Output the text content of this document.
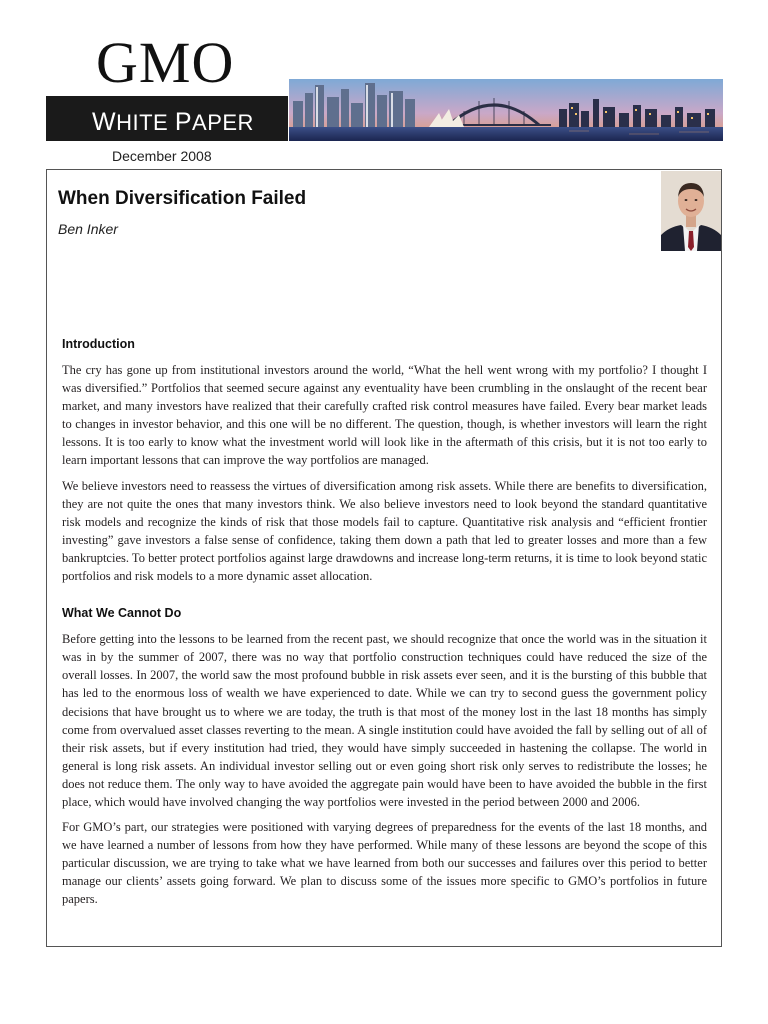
GMO
WHITE PAPER
December 2008
When Diversification Failed
Ben Inker
Introduction

The cry has gone up from institutional investors around the world, “What the hell went wrong with my portfolio? I thought I was diversified.” Portfolios that seemed secure against any eventuality have been crumbling in the onslaught of the recent bear market, and many investors have realized that their carefully crafted risk control measures have failed. Every bear market leads to changes in investor behavior, and this one will be no different. The question, though, is whether investors will learn the right lessons. It is too early to know what the investment world will look like in the aftermath of this crisis, but it is not too early to learn important lessons that can improve the way portfolios are managed.

We believe investors need to reassess the virtues of diversification among risk assets. While there are benefits to diversification, they are not quite the ones that many investors think. We also believe investors need to look beyond the standard quantitative risk models and recognize the kinds of risk that those models fail to capture. Quantitative risk analysis and “efficient frontier investing” gave investors a false sense of confidence, taking them down a path that led to greater losses and more than a few bankruptcies. To better protect portfolios against large drawdowns and increase long-term returns, it is time to look beyond static portfolios and risk models to a more dynamic asset allocation.

What We Cannot Do

Before getting into the lessons to be learned from the recent past, we should recognize that once the world was in the situation it was in by the summer of 2007, there was no way that portfolio construction techniques could have reduced the size of the overall losses. In 2007, the world saw the most profound bubble in risk assets ever seen, and it is the bursting of this bubble that has led to the enormous loss of wealth we have experienced to date. While we can try to second guess the government policy decisions that have brought us to where we are today, the truth is that most of the money lost in the last 18 months has simply come from overvalued asset classes reverting to the mean. A single institution could have avoided the fall by selling out of all of their risk assets, but if every institution had tried, they would have simply succeeded in hastening the collapse. The world in general is long risk assets. An individual investor selling out or even going short risk only serves to redistribute the losses; he does not reduce them. The only way to have avoided the aggregate pain would have been to have avoided the bubble in the first place, which would have involved changing the way portfolios were invested in the period between 2000 and 2006.

For GMO’s part, our strategies were positioned with varying degrees of preparedness for the events of the last 18 months, and we have learned a number of lessons from how they have performed. While many of these lessons are beyond the scope of this particular discussion, we are trying to take what we have learned from both our successes and failures over this period to better manage our clients’ assets going forward. We plan to discuss some of the issues more specific to GMO’s portfolios in future papers.
